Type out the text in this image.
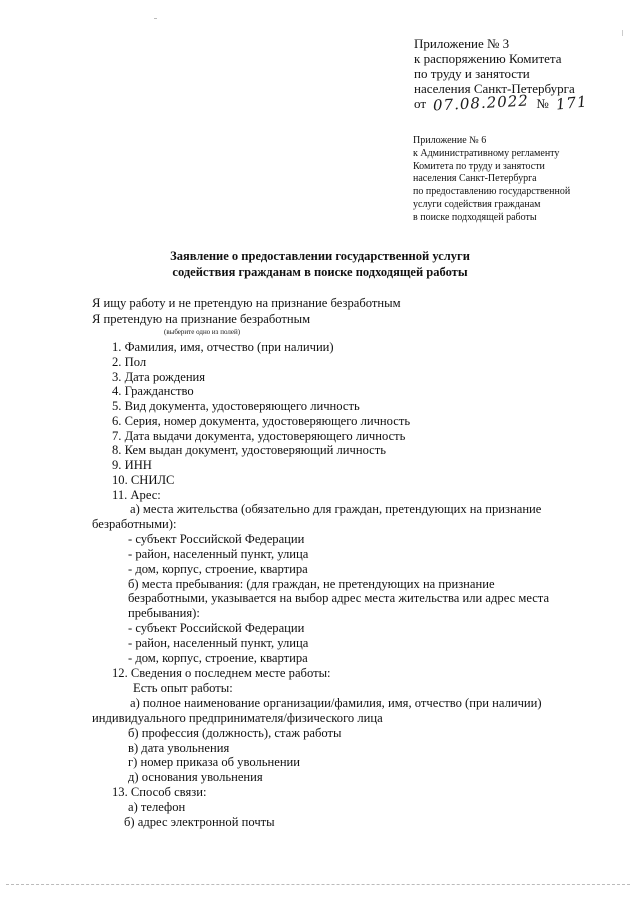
Приложение № 3
к распоряжению Комитета
по труду и занятости
населения Санкт-Петербурга
от 07.08.2022 № 171
Приложение № 6
к Административному регламенту
Комитета по труду и занятости
населения Санкт-Петербурга
по предоставлению государственной
услуги содействия гражданам
в поиске подходящей работы
Заявление о предоставлении государственной услуги
содействия гражданам в поиске подходящей работы
Я ищу работу и не претендую на признание безработным
Я претендую на признание безработным
(выберите одно из полей)
1. Фамилия, имя, отчество (при наличии)
2. Пол
3. Дата рождения
4. Гражданство
5. Вид документа, удостоверяющего личность
6. Серия, номер документа, удостоверяющего личность
7. Дата выдачи документа, удостоверяющего личность
8. Кем выдан документ, удостоверяющий личность
9. ИНН
10. СНИЛС
11. Арес:
а) места жительства (обязательно для граждан, претендующих на признание
безработными):
- субъект Российской Федерации
- район, населенный пункт, улица
- дом, корпус, строение, квартира
б) места пребывания: (для граждан, не претендующих на признание
безработными, указывается на выбор адрес места жительства или адрес места
пребывания):
- субъект Российской Федерации
- район, населенный пункт, улица
- дом, корпус, строение, квартира
12. Сведения о последнем месте работы:
Есть опыт работы:
а) полное наименование организации/фамилия, имя, отчество (при наличии)
индивидуального предпринимателя/физического лица
б) профессия (должность), стаж работы
в) дата увольнения
г) номер приказа об увольнении
д) основания увольнения
13. Способ связи:
а) телефон
б) адрес электронной почты
